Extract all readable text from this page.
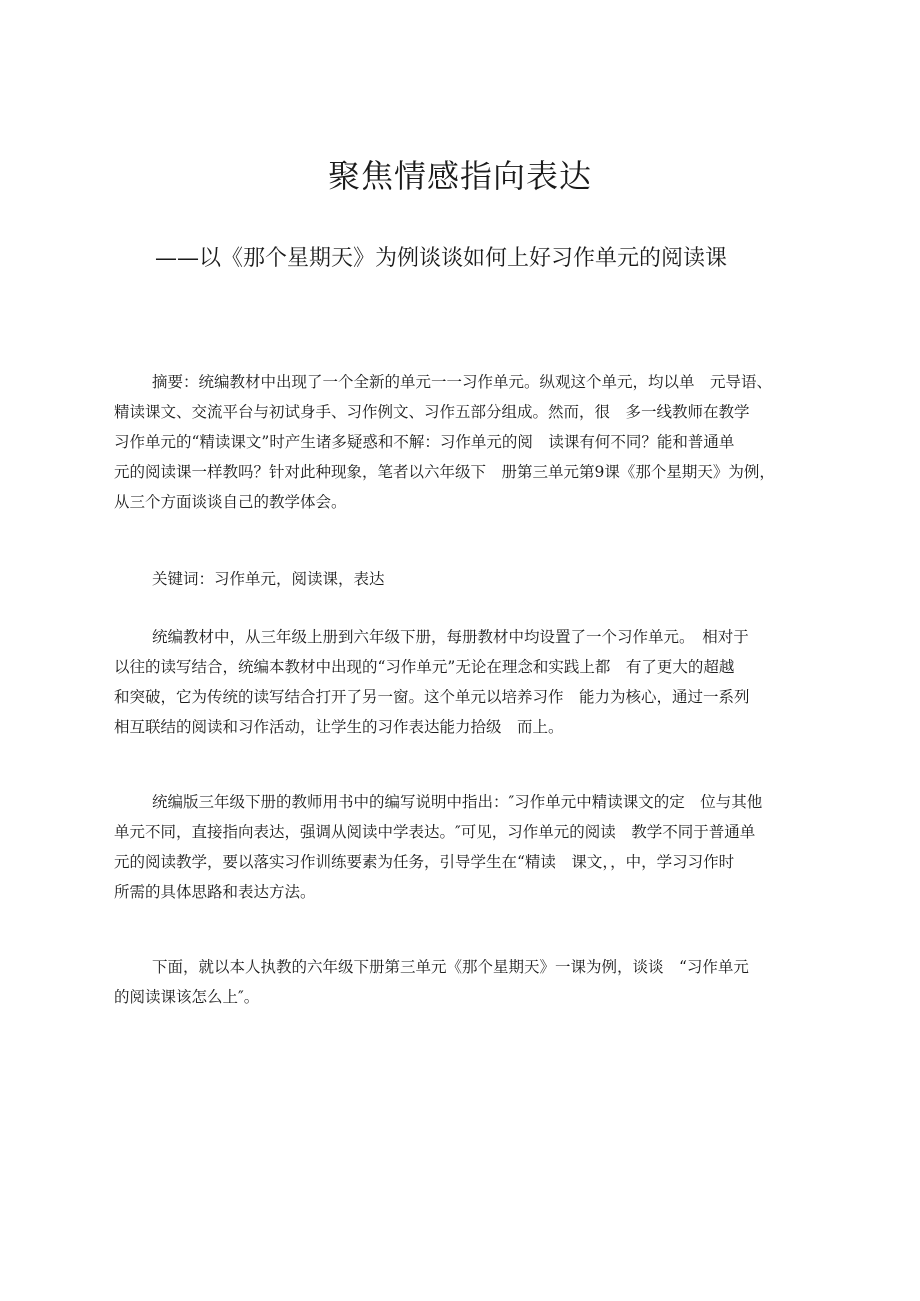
聚焦情感指向表达
——以《那个星期天》为例谈谈如何上好习作单元的阅读课
摘要：统编教材中出现了一个全新的单元一一习作单元。纵观这个单元，均以单　元导语、
精读课文、交流平台与初试身手、习作例文、习作五部分组成。然而，很　多一线教师在教学
习作单元的“精读课文”时产生诸多疑惑和不解：习作单元的阅　读课有何不同？能和普通单
元的阅读课一样教吗？针对此种现象，笔者以六年级下　册第三单元第9课《那个星期天》为例，
从三个方面谈谈自己的教学体会。
关键词：习作单元，阅读课，表达
统编教材中，从三年级上册到六年级下册，每册教材中均设置了一个习作单元。　相对于
以往的读写结合，统编本教材中出现的“习作单元”无论在理念和实践上都　有了更大的超越
和突破，它为传统的读写结合打开了另一窗。这个单元以培养习作　能力为核心，通过一系列
相互联结的阅读和习作活动，让学生的习作表达能力拾级　而上。
统编版三年级下册的教师用书中的编写说明中指出：″习作单元中精读课文的定　位与其他
单元不同，直接指向表达，强调从阅读中学表达。″可见，习作单元的阅读　教学不同于普通单
元的阅读教学，要以落实习作训练要素为任务，引导学生在“精读　课文，，中，学习习作时
所需的具体思路和表达方法。
下面，就以本人执教的六年级下册第三单元《那个星期天》一课为例，谈谈　“习作单元
的阅读课该怎么上″。
